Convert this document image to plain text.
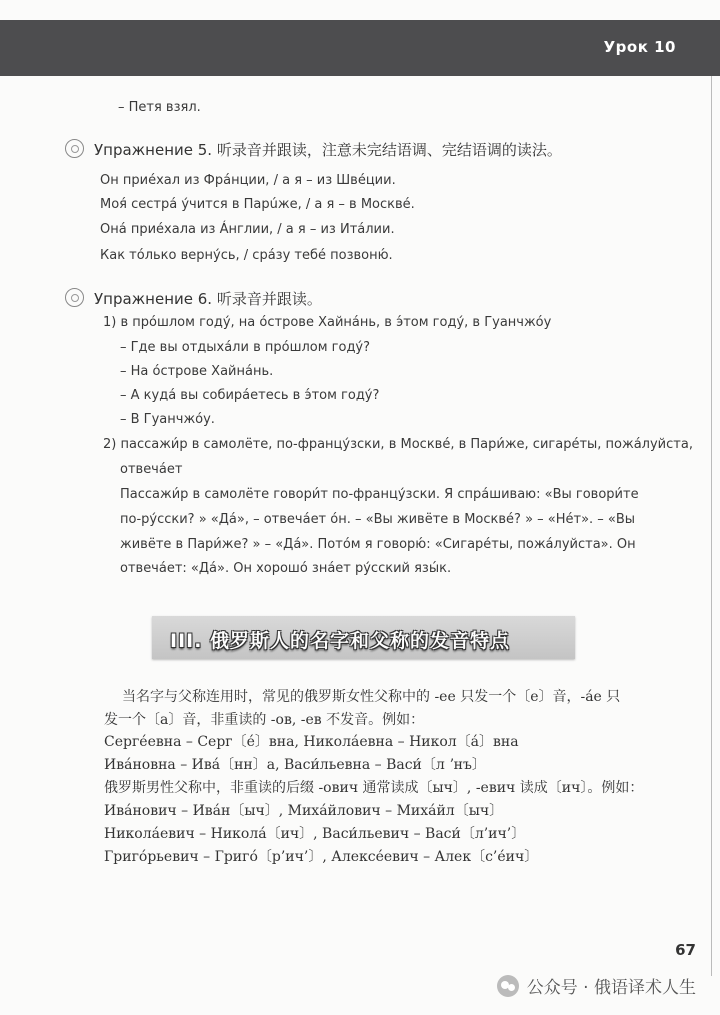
Урок 10
– Петя взял.
Упражнение 5. 听录音并跟读，注意未完结语调、完结语调的读法。
Он приéхал из Фрáнции, / а я – из Швéции.
Моя́ сестрá ýчится в Парúже, / а я – в Москвé.
Онá приéхала из Áнглии, / а я – из Итáлии.
Как тóлько вернýсь, / срáзу тебé позвоню́.
Упражнение 6. 听录音并跟读。
1) в прóшлом годý, на óстрове Хайнáнь, в э́том годý, в Гуанчжóу
– Где вы отдыхáли в прóшлом годý?
– На óстрове Хайнáнь.
– А кудá вы собирáетесь в э́том годý?
– В Гуанчжóу.
2) пассажи́р в самолёте, по-францýзски, в Москвé, в Пари́же, сигарéты, пожáлуйста,
отвечáет
Пассажи́р в самолёте говори́т по-францýзски. Я спрáшиваю: «Вы говори́те
по-рýсски? » «Дá», – отвечáет óн. – «Вы живёте в Москвé? » – «Нéт». – «Вы
живёте в Пари́же? » – «Дá». Потóм я говорю́: «Сигарéты, пожáлуйста». Он
отвечáет: «Дá». Он хорошó знáет рýсский язы́к.
III. 俄罗斯人的名字和父称的发音特点
当名字与父称连用时，常见的俄罗斯女性父称中的 -ее 只发一个〔е〕音，-áе 只
发一个〔а〕音，非重读的 -ов, -ев 不发音。例如：
Сергéевна – Серг〔é〕вна, Николáевна – Никол〔á〕вна
Ивáновна – Ивá〔нн〕а, Васи́льевна – Васи́〔л ʼнъ〕
俄罗斯男性父称中，非重读的后缀 -ович 通常读成〔ыч〕, -евич 读成〔ич〕。例如：
Ивáнович – Ивáн〔ыч〕, Михáйлович – Михáйл〔ыч〕
Николáевич – Николá〔ич〕, Васи́льевич – Васи́〔л’ич’〕
Григóрьевич – Григó〔р’ич’〕, Алексéевич – Алек〔с’éич〕
67
公众号 · 俄语译术人生
